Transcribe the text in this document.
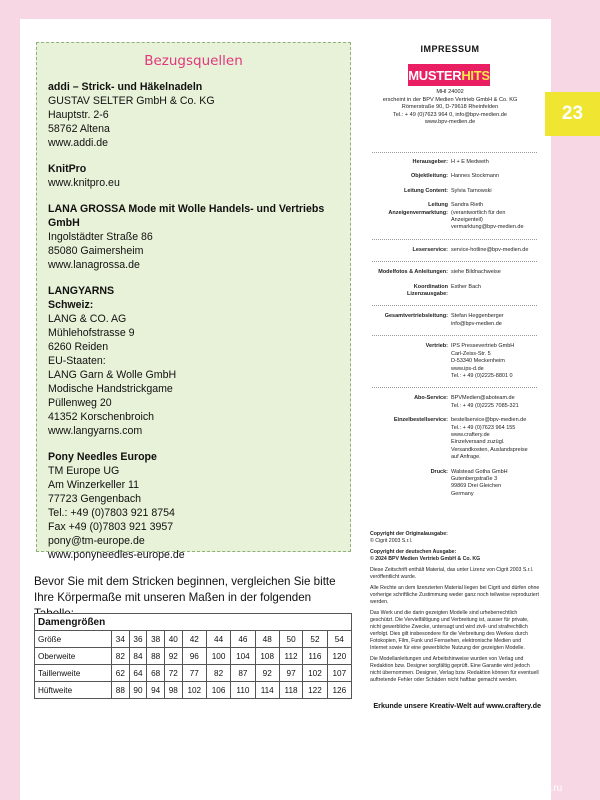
23
Bezugsquellen
addi – Strick- und Häkelnadeln
GUSTAV SELTER GmbH & Co. KG
Hauptstr. 2-6
58762 Altena
www.addi.de
KnitPro
www.knitpro.eu
LANA GROSSA Mode mit Wolle Handels- und Vertriebs GmbH
Ingolstädter Straße 86
85080 Gaimersheim
www.lanagrossa.de
LANGYARNS
Schweiz:
LANG & CO. AG
Mühlehofstrasse 9
6260 Reiden
EU-Staaten:
LANG Garn & Wolle GmbH
Modische Handstrickgame
Püllenweg 20
41352 Korschenbroich
www.langyarns.com
Pony Needles Europe
TM Europe UG
Am Winzerkeller 11
77723 Gengenbach
Tel.: +49 (0)7803 921 8754
Fax +49 (0)7803 921 3957
pony@tm-europe.de
www.ponyneedles-europe.de
Bevor Sie mit dem Stricken beginnen, vergleichen Sie bitte Ihre Körpermaße mit unseren Maßen in der folgenden
Damengrößen											
Größe	34	36	38	40	42	44	46	48	50	52	54
Oberweite	82	84	88	92	96	100	104	108	112	116	120
Taillenweite	62	64	68	72	77	82	87	92	97	102	107
Hüftweite	88	90	94	98	102	106	110	114	118	122	126
IMPRESSUM
MUSTER HITS
MHI 24002
erscheint in der BPV Medien Vertrieb GmbH & Co. KG
Römerstraße 90, D-79618 Rheinfelden
Tel.: + 49 (0)7623 964 0, info@bpv-medien.de
www.bpv-medien.de
Herausgeber: H + E Medweth
Objektleitung: Hannes Stockmann
Leitung Content: Sylvia Tarnowski
Leitung Anzeigenvermarktung:
Sandra Rieth
(verantwortlich für den
Anzeigenteil)
vermarktung@bpv-medien.de
Leserservice: service-hotline@bpv-medien.de
Modelfotos & Anleitungen: siehe Bildnachweise
Koordination Lizenzausgabe:
Esther Bach
Gesamtvertriebsleitung: Stefan Heggenberger
info@bpv-medien.de
Vertrieb: IPS Pressevertrieb GmbH
Carl-Zeiss-Str. 5
D-53340 Meckenheim
www.ips-d.de
Tel.: + 49 (0)2225-8801 0
Abo-Service: BPVMedien@aboteam.de
Tel.: + 49 (0)2225 7085-321
Einzelbestellservice: bestellservice@bpv-medien.de
Tel.: + 49 (0)7623 964 155
www.craftery.de
Einzelversand zuzügl.
Versandkosten, Auslandspreise
auf Anfrage.
Druck: Walstead Gotha GmbH
Gutenbergstraße 3
99869 Drei Gleichen
Germany

Copyright der Originalausgabe:
© Cigrit 2003 S.r.l.

Copyright der deutschen Ausgabe:
© 2024 BPV Medien Vertrieb GmbH & Co. KG

Diese Zeitschrift enthält Material, das unter Lizenz von Cigrit 2003 S.r.l. veröffentlicht wurde.

Alle Rechte an dem lizenzierten Material liegen bei Cigrit und dürfen ohne vorherige schriftliche Zustimmung weder ganz noch teilweise reproduziert werden.

Das Werk und die darin gezeigten Modelle sind urheberrechtlich geschützt. Die Vervielfältigung und Verbreitung ist, ausser für private, nicht gewerbliche Zwecke, untersagt und wird zivil- und strafrechtlich verfolgt. Dies gilt insbesondere für die Verbreitung des Werkes durch Fotokopien, Film, Funk und Fernsehen, elektronische Medien und Internet sowie für eine gewerbliche Nutzung der gezeigten Modelle.

Die Modellanleitungen und Arbeitshinweise wurden von Verlag und Redaktion bzw. Designer sorgfältig geprüft. Eine Garantie wird jedoch nicht übernommen. Designer, Verlag bzw. Redaktion können für eventuell auftretende Fehler oder Schäden nicht haftbar gemacht werden.

Erkunde unsere Kreativ-Welt auf www.craftery.de
PassionForum.ru
